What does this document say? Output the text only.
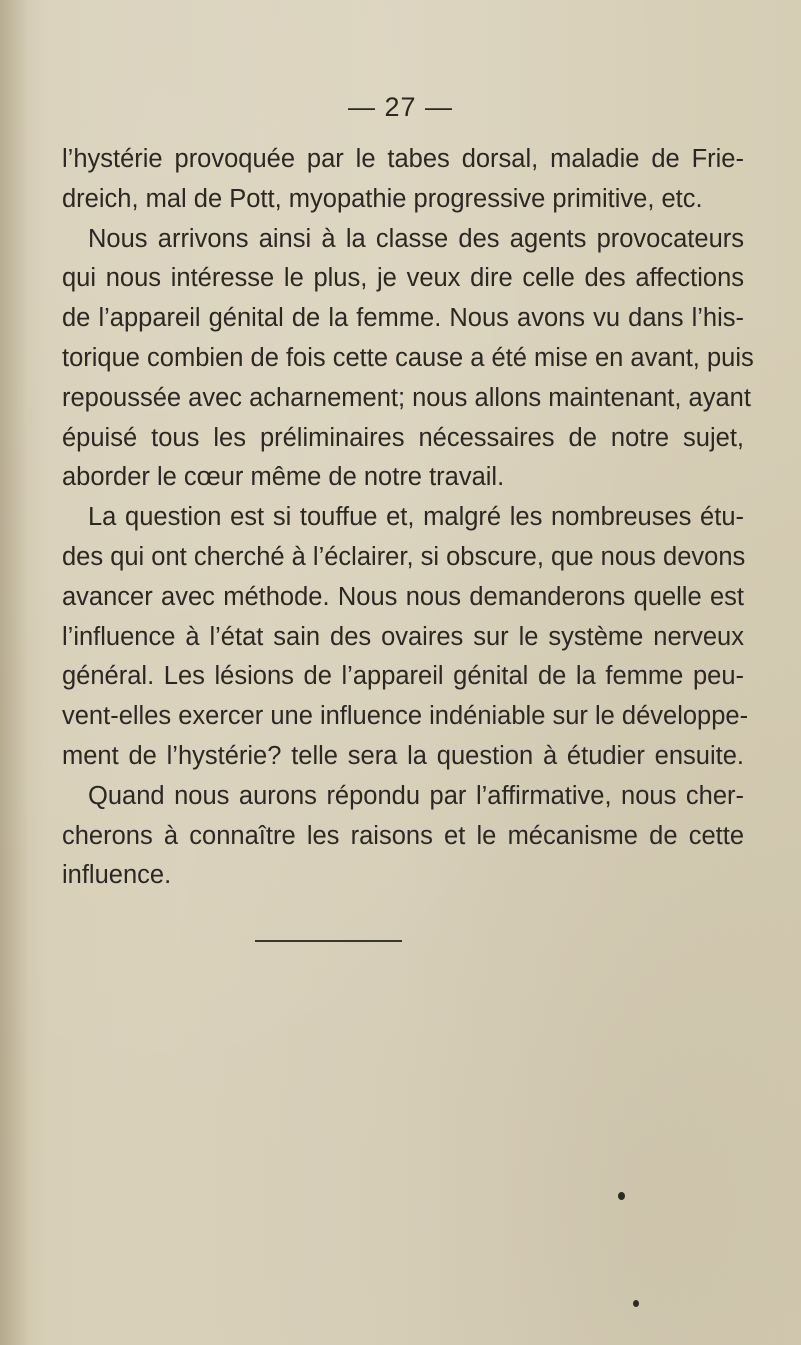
— 27 —
l’hystérie provoquée par le tabes dorsal, maladie de Frie-
dreich, mal de Pott, myopathie progressive primitive, etc.
Nous arrivons ainsi à la classe des agents provocateurs
qui nous intéresse le plus, je veux dire celle des affections
de l’appareil génital de la femme. Nous avons vu dans l’his-
torique combien de fois cette cause a été mise en avant, puis
repoussée avec acharnement; nous allons maintenant, ayant
épuisé tous les préliminaires nécessaires de notre sujet,
aborder le cœur même de notre travail.
La question est si touffue et, malgré les nombreuses étu-
des qui ont cherché à l’éclairer, si obscure, que nous devons
avancer avec méthode. Nous nous demanderons quelle est
l’influence à l’état sain des ovaires sur le système nerveux
général. Les lésions de l’appareil génital de la femme peu-
vent-elles exercer une influence indéniable sur le développe-
ment de l’hystérie? telle sera la question à étudier ensuite.
Quand nous aurons répondu par l’affirmative, nous cher-
cherons à connaître les raisons et le mécanisme de cette
influence.
